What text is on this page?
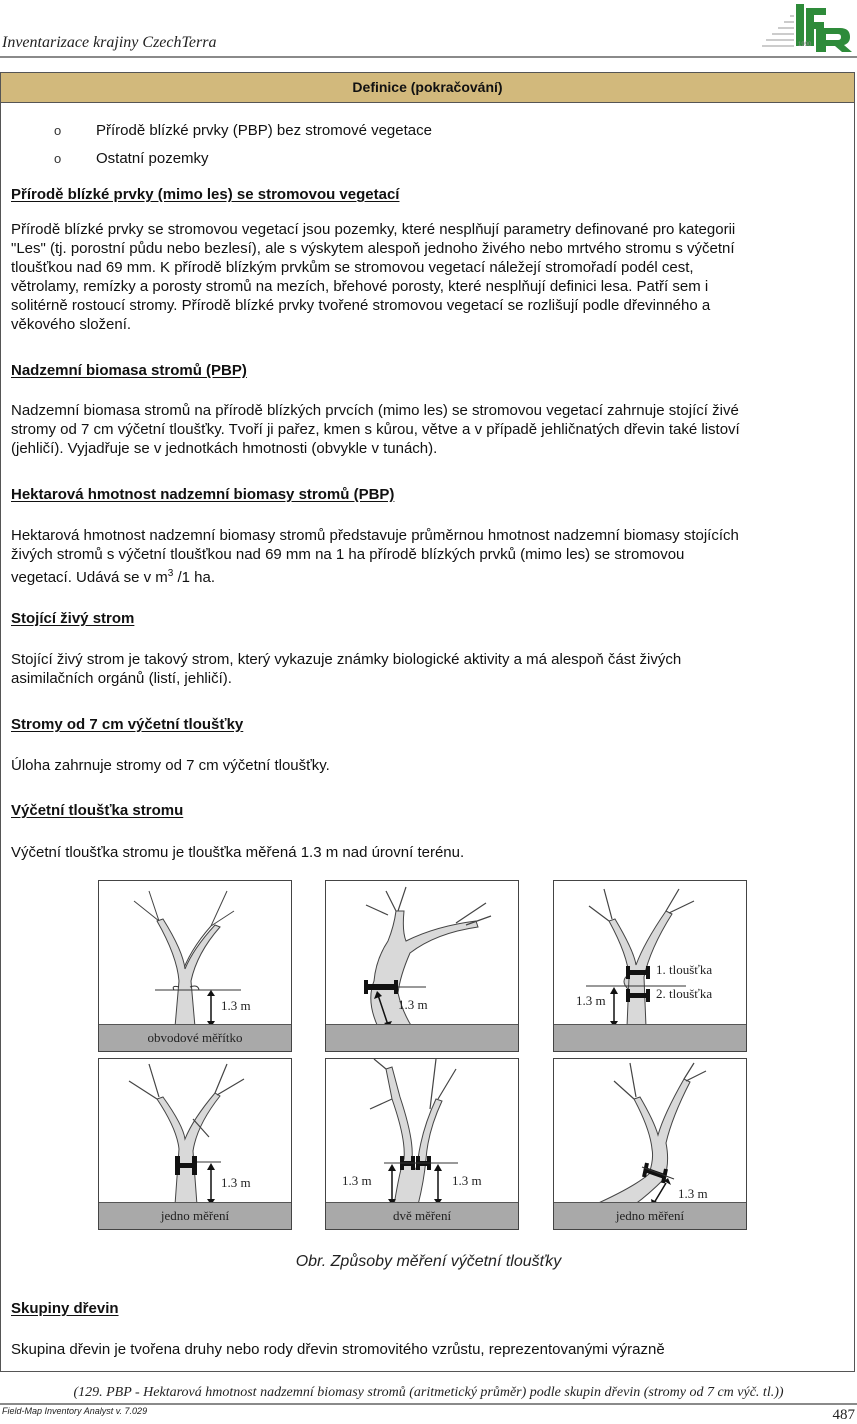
Inventarizace krajiny CzechTerra	1990
Definice (pokračování)
o Přírodě blízké prvky (PBP) bez stromové vegetace
o Ostatní pozemky
Přírodě blízké prvky (mimo les) se stromovou vegetací
Přírodě blízké prvky se stromovou vegetací jsou pozemky, které nesplňují parametry definované pro kategorii
"Les" (tj. porostní půdu nebo bezlesí), ale s výskytem alespoň jednoho živého nebo mrtvého stromu s výčetní
tloušťkou nad 69 mm. K přírodě blízkým prvkům se stromovou vegetací náležejí stromořadí podél cest,
větrolamy, remízky a porosty stromů na mezích, břehové porosty, které nesplňují definici lesa. Patří sem i
solitérně rostoucí stromy. Přírodě blízké prvky tvořené stromovou vegetací se rozlišují podle dřevinného a
věkového složení.
Nadzemní biomasa stromů (PBP)
Nadzemní biomasa stromů na přírodě blízkých prvcích (mimo les) se stromovou vegetací zahrnuje stojící živé
stromy od 7 cm výčetní tloušťky. Tvoří ji pařez, kmen s kůrou, větve a v případě jehličnatých dřevin také listoví
(jehličí). Vyjadřuje se v jednotkách hmotnosti (obvykle v tunách).
Hektarová hmotnost nadzemní biomasy stromů (PBP)
Hektarová hmotnost nadzemní biomasy stromů představuje průměrnou hmotnost nadzemní biomasy stojících
živých stromů s výčetní tloušťkou nad 69 mm na 1 ha přírodě blízkých prvků (mimo les) se stromovou
vegetací. Udává se v $m^3$ /1 ha.
Stojící živý strom
Stojící živý strom je takový strom, který vykazuje známky biologické aktivity a má alespoň část živých
asimilačních orgánů (listí, jehličí).
Stromy od 7 cm výčetní tloušťky
Úloha zahrnuje stromy od 7 cm výčetní tloušťky.
Výčetní tloušťka stromu
Výčetní tloušťka stromu je tloušťka měřená 1.3 m nad úrovní terénu.
1.3 m
obvodové měřítko
1.3 m
1. tloušťka
2. tloušťka
1.3 m
1.3 m
jedno měření
1.3 m	1.3 m
dvě měření
1.3 m
jedno měření
Obr. Způsoby měření výčetní tloušťky
Skupiny dřevin
Skupina dřevin je tvořena druhy nebo rody dřevin stromovitého vzrůstu, reprezentovanými výrazně
(129. PBP - Hektarová hmotnost nadzemní biomasy stromů (aritmetický průměr) podle skupin dřevin (stromy od 7 cm výč. tl.))
Field-Map Inventory Analyst v. 7.029	487
